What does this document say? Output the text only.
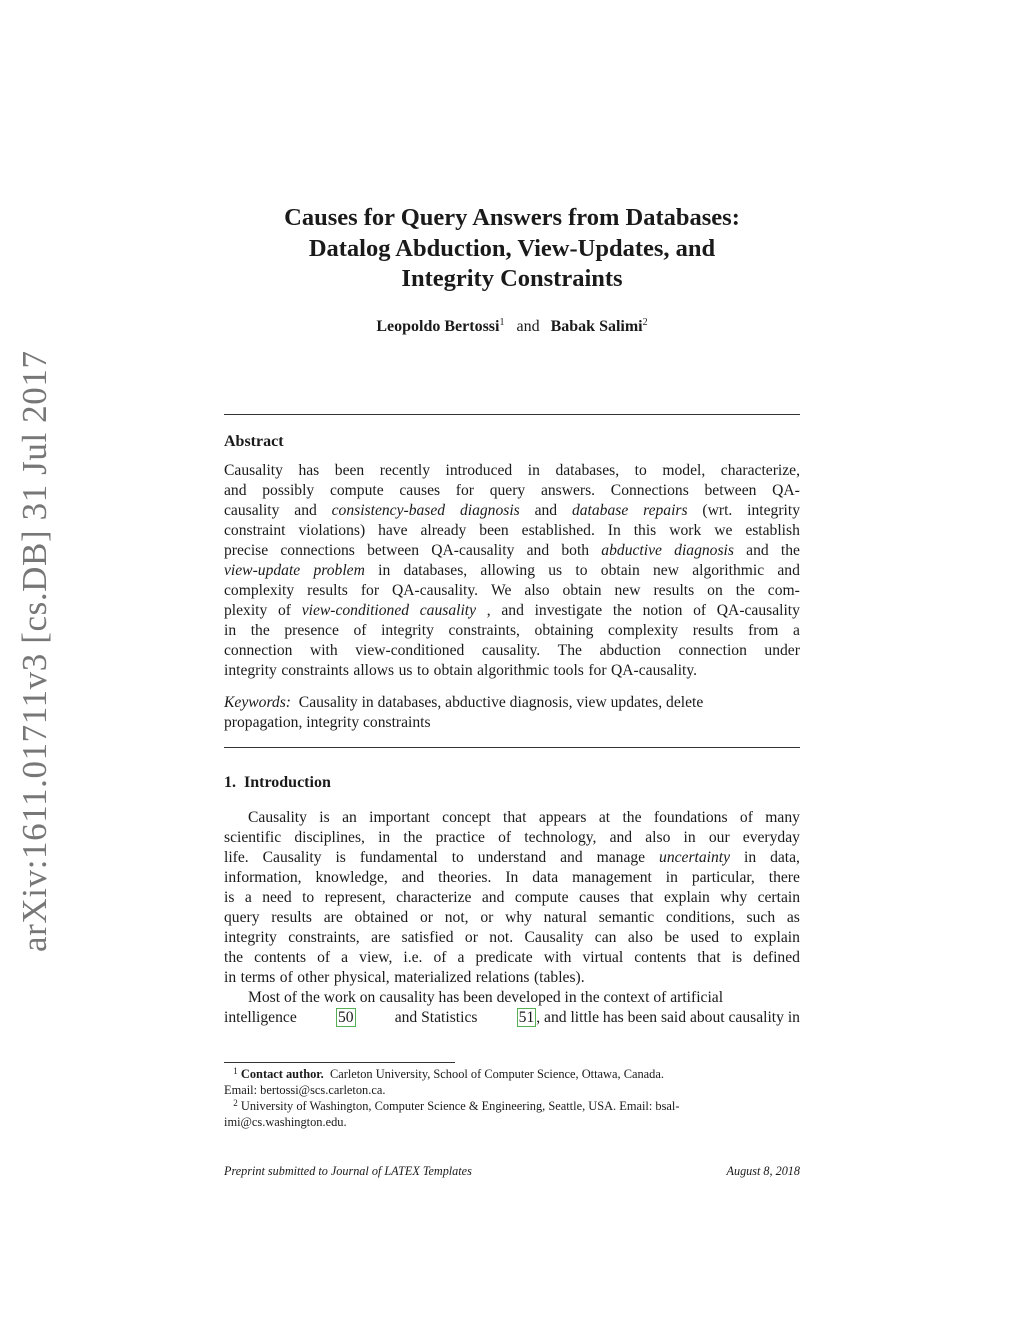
arXiv:1611.01711v3 [cs.DB] 31 Jul 2017
Causes for Query Answers from Databases:
Datalog Abduction, View-Updates, and
Integrity Constraints
Leopoldo Bertossi$^1$ and Babak Salimi$^2$
Abstract
Causality has been recently introduced in databases, to model, characterize,
and possibly compute causes for query answers. Connections between QA-
causality and consistency-based diagnosis and database repairs (wrt. integrity
constraint violations) have already been established. In this work we establish
precise connections between QA-causality and both abductive diagnosis and the
view-update problem in databases, allowing us to obtain new algorithmic and
complexity results for QA-causality. We also obtain new results on the com-
plexity of view-conditioned causality , and investigate the notion of QA-causality
in the presence of integrity constraints, obtaining complexity results from a
connection with view-conditioned causality. The abduction connection under
integrity constraints allows us to obtain algorithmic tools for QA-causality.
Keywords: Causality in databases, abductive diagnosis, view updates, delete
propagation, integrity constraints
1. Introduction
Causality is an important concept that appears at the foundations of many
scientific disciplines, in the practice of technology, and also in our everyday
life. Causality is fundamental to understand and manage uncertainty in data,
information, knowledge, and theories. In data management in particular, there
is a need to represent, characterize and compute causes that explain why certain
query results are obtained or not, or why natural semantic conditions, such as
integrity constraints, are satisfied or not. Causality can also be used to explain
the contents of a view, i.e. of a predicate with virtual contents that is defined
in terms of other physical, materialized relations (tables).
Most of the work on causality has been developed in the context of artificial
intelligence	50	and Statistics	51 , and little has been said about causality in
$^1$ Contact author. Carleton University, School of Computer Science, Ottawa, Canada.
Email: bertossi@scs.carleton.ca.
$^2$ University of Washington, Computer Science & Engineering, Seattle, USA. Email: bsal-
imi@cs.washington.edu.
Preprint submitted to Journal of LATEX Templates	August 8, 2018
